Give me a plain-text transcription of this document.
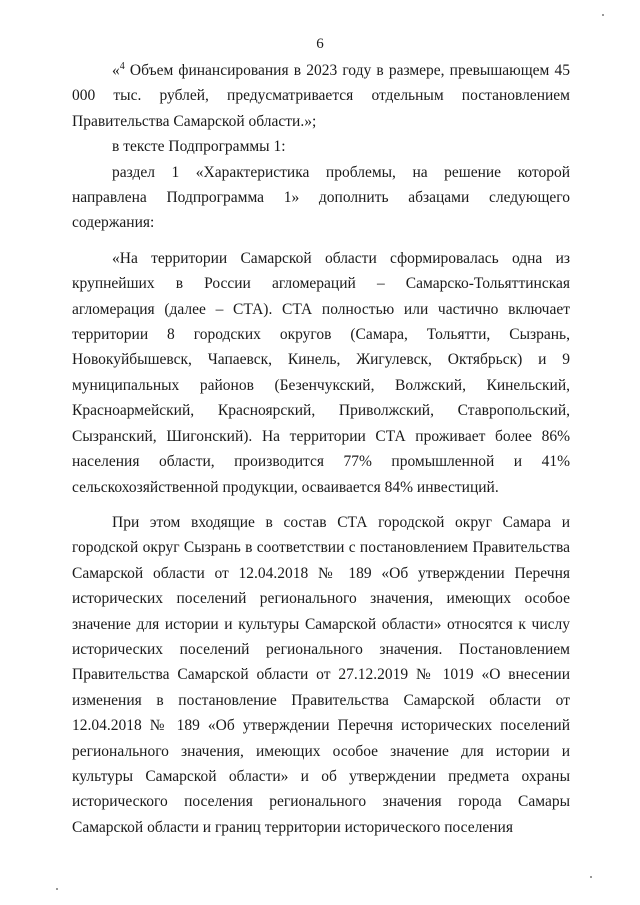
6

«$^4$ Объем финансирования в 2023 году в размере, превышающем 45 000 тыс. рублей, предусматривается отдельным постановлением Правительства Самарской области.»;

в тексте Подпрограммы 1:

раздел 1 «Характеристика проблемы, на решение которой направлена Подпрограмма 1» дополнить абзацами следующего содержания:

«На территории Самарской области сформировалась одна из крупнейших в России агломераций – Самарско-Тольяттинская агломерация (далее – СТА). СТА полностью или частично включает территории 8 городских округов (Самара, Тольятти, Сызрань, Новокуйбышевск, Чапаевск, Кинель, Жигулевск, Октябрьск) и 9 муниципальных районов (Безенчукский, Волжский, Кинельский, Красноармейский, Красноярский, Приволжский, Ставропольский, Сызранский, Шигонский). На территории СТА проживает более 86% населения области, производится 77% промышленной и 41% сельскохозяйственной продукции, осваивается 84% инвестиций.

При этом входящие в состав СТА городской округ Самара и городской округ Сызрань в соответствии с постановлением Правительства Самарской области от 12.04.2018 № 189 «Об утверждении Перечня исторических поселений регионального значения, имеющих особое значение для истории и культуры Самарской области» относятся к числу исторических поселений регионального значения. Постановлением Правительства Самарской области от 27.12.2019 № 1019 «О внесении изменения в постановление Правительства Самарской области от 12.04.2018 № 189 «Об утверждении Перечня исторических поселений регионального значения, имеющих особое значение для истории и культуры Самарской области» и об утверждении предмета охраны исторического поселения регионального значения города Самары Самарской области и границ территории исторического поселения
